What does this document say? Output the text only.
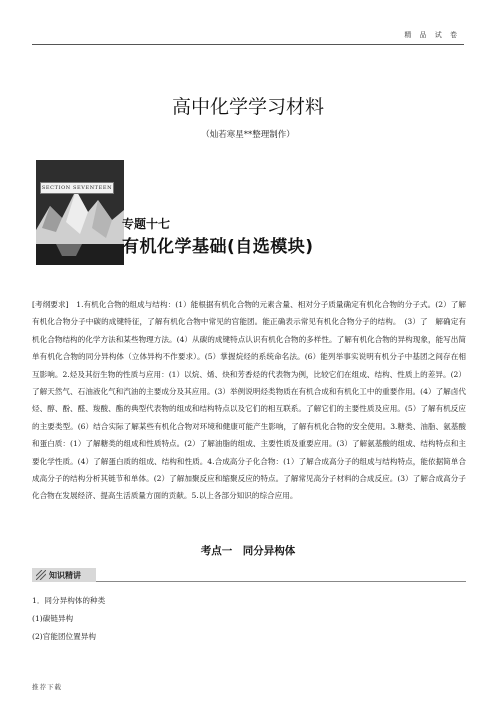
精 品 试 卷
高中化学学习材料
（灿若寒星**整理制作）
SECTION SEVENTEEN
专题十七
有机化学基础(自选模块)
[考纲要求]　1.有机化合物的组成与结构：(1）能根据有机化合物的元素含量、相对分子质量确定有机化合物的分子式。(2）了解有机化合物分子中碳的成键特征，了解有机化合物中常见的官能团。能正确表示常见有机化合物分子的结构。　(3）了　解确定有机化合物结构的化学方法和某些物理方法。(4）从碳的成键特点认识有机化合物的多样性。了解有机化合物的异构现象，能写出简单有机化合物的同分异构体（立体异构不作要求）。(5）掌握烷烃的系统命名法。(6）能列举事实说明有机分子中基团之间存在相互影响。2.烃及其衍生物的性质与应用：(1）以烷、烯、炔和芳香烃的代表物为例，比较它们在组成、结构、性质上的差异。(2）了解天然气、石油液化气和汽油的主要成分及其应用。(3）举例说明烃类物质在有机合成和有机化工中的重要作用。(4）了解卤代烃、醇、酚、醛、羧酸、酯的典型代表物的组成和结构特点以及它们的相互联系。了解它们的主要性质及应用。(5）了解有机反应的主要类型。(6）结合实际了解某些有机化合物对环境和健康可能产生影响，了解有机化合物的安全使用。3.糖类、油脂、氨基酸和蛋白质：(1）了解糖类的组成和性质特点。(2）了解油脂的组成、主要性质及重要应用。(3）了解氨基酸的组成、结构特点和主要化学性质。(4）了解蛋白质的组成、结构和性质。4.合成高分子化合物：(1）了解合成高分子的组成与结构特点，能依据简单合成高分子的结构分析其链节和单体。(2）了解加聚反应和缩聚反应的特点。了解常见高分子材料的合成反应。(3）了解合成高分子化合物在发展经济、提高生活质量方面的贡献。5.以上各部分知识的综合应用。
考点一　同分异构体
知识精讲
1．同分异构体的种类
(1)碳链异构
(2)官能团位置异构
推荐下载
